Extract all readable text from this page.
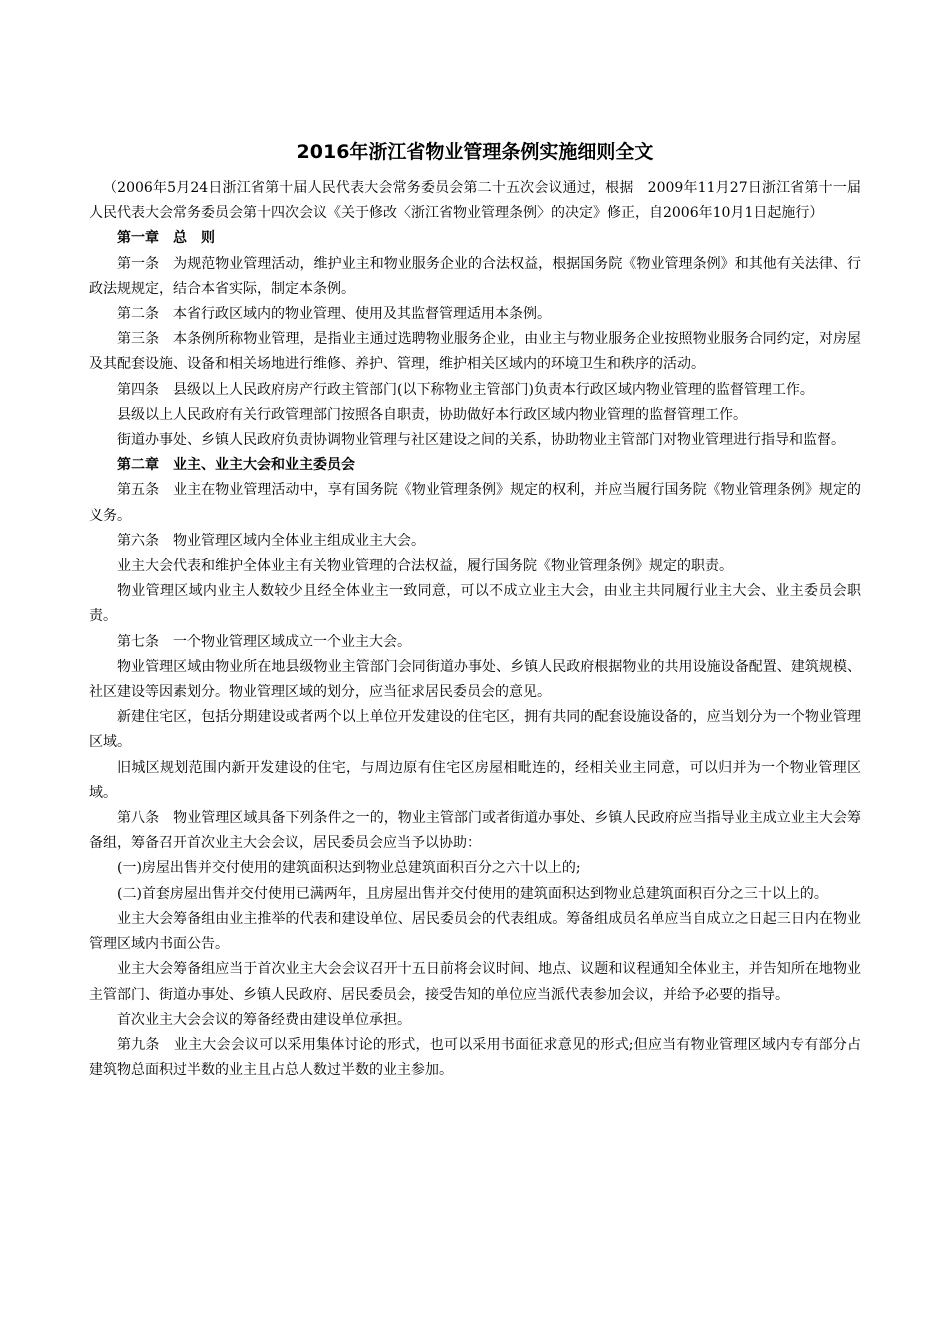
2016年浙江省物业管理条例实施细则全文

（2006年5月24日浙江省第十届人民代表大会常务委员会第二十五次会议通过，根据　2009年11月27日浙江省第十一届人民代表大会常务委员会第十四次会议《关于修改〈浙江省物业管理条例〉的决定》修正，自2006年10月1日起施行）

第一章　总　则

第一条　为规范物业管理活动，维护业主和物业服务企业的合法权益，根据国务院《物业管理条例》和其他有关法律、行政法规规定，结合本省实际，制定本条例。

第二条　本省行政区域内的物业管理、使用及其监督管理适用本条例。

第三条　本条例所称物业管理，是指业主通过选聘物业服务企业，由业主与物业服务企业按照物业服务合同约定，对房屋及其配套设施、设备和相关场地进行维修、养护、管理，维护相关区域内的环境卫生和秩序的活动。

第四条　县级以上人民政府房产行政主管部门(以下称物业主管部门)负责本行政区域内物业管理的监督管理工作。

县级以上人民政府有关行政管理部门按照各自职责，协助做好本行政区域内物业管理的监督管理工作。

街道办事处、乡镇人民政府负责协调物业管理与社区建设之间的关系，协助物业主管部门对物业管理进行指导和监督。

第二章　业主、业主大会和业主委员会

第五条　业主在物业管理活动中，享有国务院《物业管理条例》规定的权利，并应当履行国务院《物业管理条例》规定的义务。

第六条　物业管理区域内全体业主组成业主大会。

业主大会代表和维护全体业主有关物业管理的合法权益，履行国务院《物业管理条例》规定的职责。

物业管理区域内业主人数较少且经全体业主一致同意，可以不成立业主大会，由业主共同履行业主大会、业主委员会职责。

第七条　一个物业管理区域成立一个业主大会。

物业管理区域由物业所在地县级物业主管部门会同街道办事处、乡镇人民政府根据物业的共用设施设备配置、建筑规模、社区建设等因素划分。物业管理区域的划分，应当征求居民委员会的意见。

新建住宅区，包括分期建设或者两个以上单位开发建设的住宅区，拥有共同的配套设施设备的，应当划分为一个物业管理区域。

旧城区规划范围内新开发建设的住宅，与周边原有住宅区房屋相毗连的，经相关业主同意，可以归并为一个物业管理区域。

第八条　物业管理区域具备下列条件之一的，物业主管部门或者街道办事处、乡镇人民政府应当指导业主成立业主大会筹备组，筹备召开首次业主大会会议，居民委员会应当予以协助：

(一)房屋出售并交付使用的建筑面积达到物业总建筑面积百分之六十以上的;

(二)首套房屋出售并交付使用已满两年，且房屋出售并交付使用的建筑面积达到物业总建筑面积百分之三十以上的。

业主大会筹备组由业主推举的代表和建设单位、居民委员会的代表组成。筹备组成员名单应当自成立之日起三日内在物业管理区域内书面公告。

业主大会筹备组应当于首次业主大会会议召开十五日前将会议时间、地点、议题和议程通知全体业主，并告知所在地物业主管部门、街道办事处、乡镇人民政府、居民委员会，接受告知的单位应当派代表参加会议，并给予必要的指导。

首次业主大会会议的筹备经费由建设单位承担。

第九条　业主大会会议可以采用集体讨论的形式，也可以采用书面征求意见的形式;但应当有物业管理区域内专有部分占建筑物总面积过半数的业主且占总人数过半数的业主参加。
